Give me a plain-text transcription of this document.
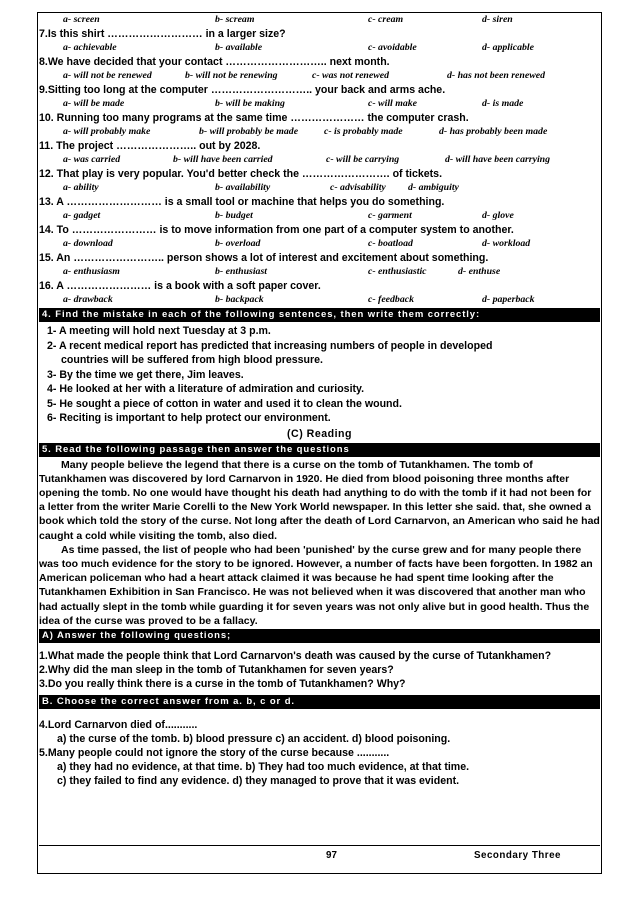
a- screen	b- scream	c- cream	d- siren
7.Is this shirt ……………………… in a larger size?
a- achievable	b- available	c- avoidable	d- applicable
8.We have decided that your contact ……………………….. next month.
a- will not be renewed	b- will not be renewing	c- was not renewed	d- has not been renewed
9.Sitting too long at the computer ……………………….. your back and arms ache.
a- will be made	b- will be making	c- will make	d- is made
10. Running too many programs at the same time ………………… the computer crash.
a- will probably make	b- will probably be made	c- is probably made	d- has probably been made
11. The project ………………….. out by 2028.
a- was carried	b- will have been carried	c- will be carrying	d- will have been carrying
12. That play is very popular. You'd better check the ……………………. of tickets.
a- ability	b- availability	c- advisability d- ambiguity
13. A ……………………… is a small tool or machine that helps you do something.
a- gadget	b- budget	c- garment	d- glove
14. To …………………… is to move information from one part of a computer system to another.
a- download	b- overload	c- boatload	d- workload
15. An …………………….. person shows a lot of interest and excitement about something.
a- enthusiasm	b- enthusiast	c- enthusiastic	d- enthuse
16. A …………………… is a book with a soft paper cover.
a- drawback	b- backpack	c- feedback	d- paperback
4. Find the mistake in each of the following sentences, then write them correctly:
1- A meeting will hold next Tuesday at 3 p.m.
2- A recent medical report has predicted that increasing numbers of people in developed
countries will be suffered from high blood pressure.
3- By the time we get there, Jim leaves.
4- He looked at her with a literature of admiration and curiosity.
5- He sought a piece of cotton in water and used it to clean the wound.
6- Reciting is important to help protect our environment.
(C) Reading
5. Read the following passage then answer the questions
Many people believe the legend that there is a curse on the tomb of Tutankhamen. The tomb of Tutankhamen was discovered by lord Carnarvon in 1920. He died from blood poisoning three months after opening the tomb. No one would have thought his death had anything to do with the tomb if it had not been for a letter from the writer Marie Corelli to the New York World newspaper. In this letter she said. that, she owned a book which told the story of the curse. Not long after the death of Lord Carnarvon, an American who said he had caught a cold while visiting the tomb, also died.
As time passed, the list of people who had been 'punished' by the curse grew and for many people there was too much evidence for the story to be ignored. However, a number of facts have been forgotten. In 1982 an American policeman who had a heart attack claimed it was because he had spent time looking after the Tutankhamen Exhibition in San Francisco. He was not believed when it was discovered that another man who had actually slept in the tomb while guarding it for seven years was not only alive but in good health. Thus the idea of the curse was proved to be a fallacy.
A) Answer the following questions;
1.What made the people think that Lord Carnarvon's death was caused by the curse of Tutankhamen?
2.Why did the man sleep in the tomb of Tutankhamen for seven years?
3.Do you really think there is a curse in the tomb of Tutankhamen? Why?
B. Choose the correct answer from a. b, c or d.
4.Lord Carnarvon died of...........
a) the curse of the tomb. b) blood pressure c) an accident. d) blood poisoning.
5.Many people could not ignore the story of the curse because ...........
a) they had no evidence, at that time. b) They had too much evidence, at that time.
c) they failed to find any evidence. d) they managed to prove that it was evident.
97	Secondary Three
